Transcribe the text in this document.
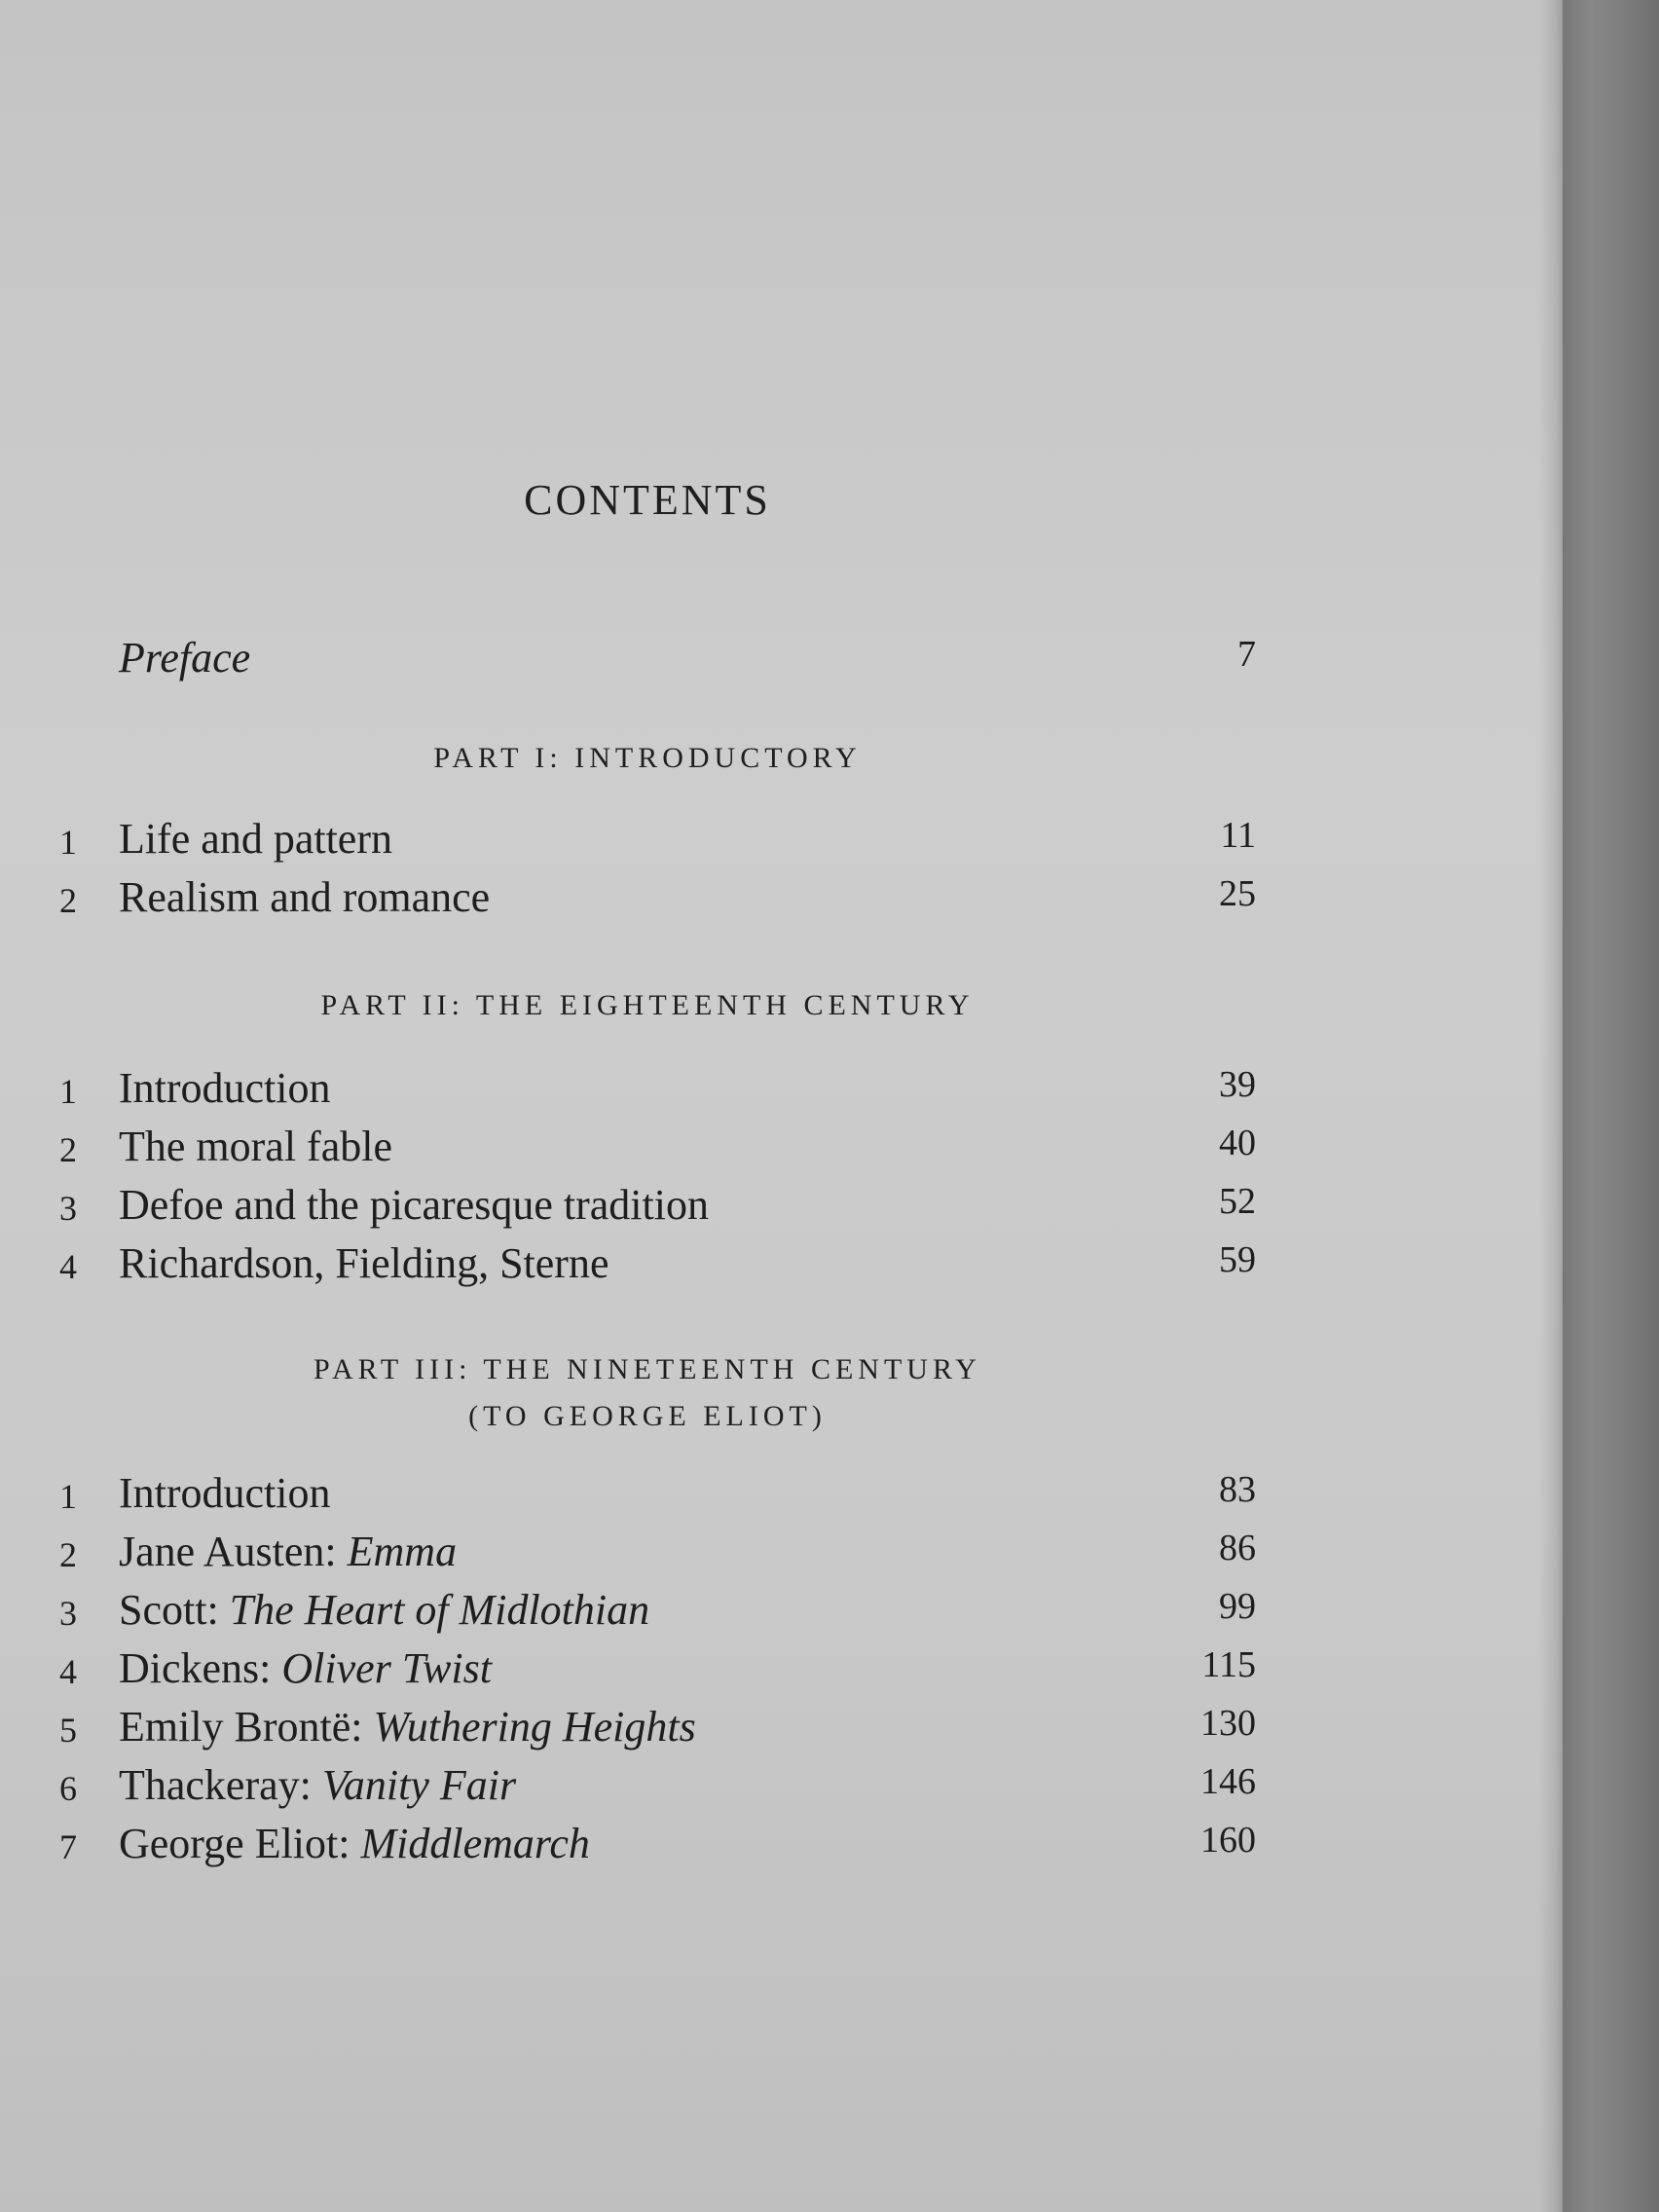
CONTENTS
Preface	7
PART I: INTRODUCTORY
1 Life and pattern	11
2 Realism and romance	25
PART II: THE EIGHTEENTH CENTURY
1 Introduction	39
2 The moral fable	40
3 Defoe and the picaresque tradition	52
4 Richardson, Fielding, Sterne	59
PART III: THE NINETEENTH CENTURY
(TO GEORGE ELIOT)
1 Introduction	83
2 Jane Austen: Emma	86
3 Scott: The Heart of Midlothian	99
4 Dickens: Oliver Twist	115
5 Emily Brontë: Wuthering Heights	130
6 Thackeray: Vanity Fair	146
7 George Eliot: Middlemarch	160
